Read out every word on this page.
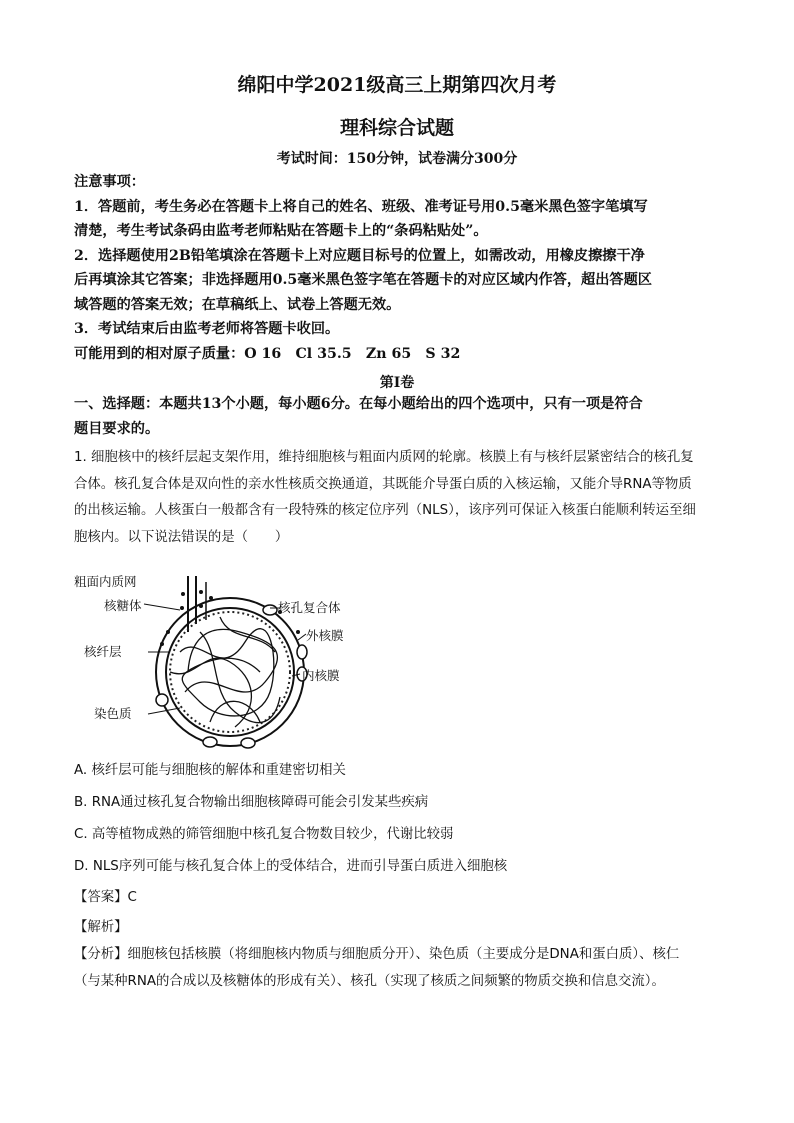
绵阳中学2021级高三上期第四次月考
理科综合试题
考试时间：150分钟，试卷满分300分

注意事项：

1．答题前，考生务必在答题卡上将自己的姓名、班级、准考证号用0.5毫米黑色签字笔填写

清楚，考生考试条码由监考老师粘贴在答题卡上的“条码粘贴处”。

2．选择题使用2B铅笔填涂在答题卡上对应题目标号的位置上，如需改动，用橡皮擦擦干净

后再填涂其它答案；非选择题用0.5毫米黑色签字笔在答题卡的对应区域内作答，超出答题区

域答题的答案无效；在草稿纸上、试卷上答题无效。

3．考试结束后由监考老师将答题卡收回。

可能用到的相对原子质量：O 16　Cl 35.5　Zn 65　S 32

第Ⅰ卷
一、选择题：本题共13个小题，每小题6分。在每小题给出的四个选项中，只有一项是符合
题目要求的。

1. 细胞核中的核纤层起支架作用，维持细胞核与粗面内质网的轮廓。核膜上有与核纤层紧密结合的核孔复

合体。核孔复合体是双向性的亲水性核质交换通道，其既能介导蛋白质的入核运输，又能介导RNA等物质

的出核运输。人核蛋白一般都含有一段特殊的核定位序列（NLS），该序列可保证入核蛋白能顺利转运至细

胞核内。以下说法错误的是（　　）

粗面内质网
核糖体
核纤层
染色质
核孔复合体
外核膜
内核膜
A. 核纤层可能与细胞核的解体和重建密切相关
B. RNA通过核孔复合物输出细胞核障碍可能会引发某些疾病
C. 高等植物成熟的筛管细胞中核孔复合物数目较少，代谢比较弱
D. NLS序列可能与核孔复合体上的受体结合，进而引导蛋白质进入细胞核
【答案】C
【解析】

【分析】细胞核包括核膜（将细胞核内物质与细胞质分开）、染色质（主要成分是DNA和蛋白质）、核仁

（与某种RNA的合成以及核糖体的形成有关）、核孔（实现了核质之间频繁的物质交换和信息交流）。
